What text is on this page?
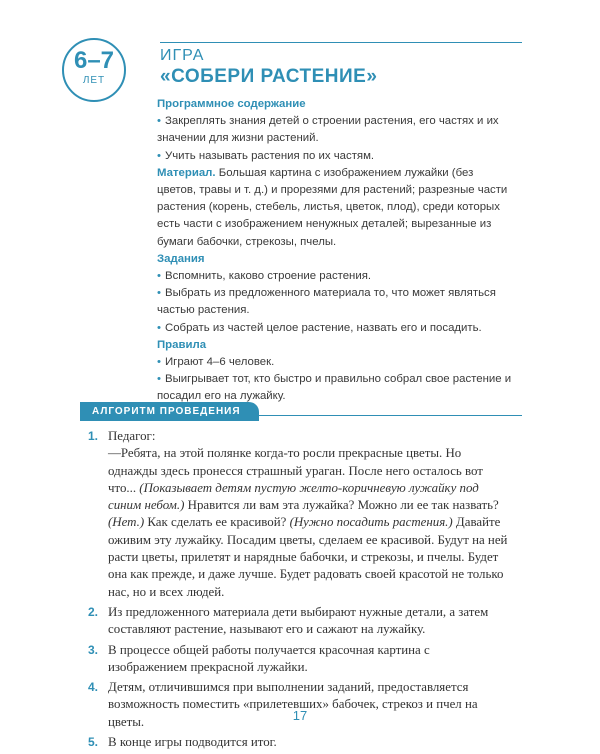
6–7
ЛЕТ
ИГРА
«СОБЕРИ РАСТЕНИЕ»

Программное содержание

• Закреплять знания детей о строении растения, его частях и их значении для жизни растений.

• Учить называть растения по их частям.

Материал. Большая картина с изображением лужайки (без цветов, травы и т. д.) и прорезями для растений; разрезные части растения (корень, стебель, листья, цветок, плод), среди которых есть части с изображением ненужных деталей; вырезанные из бумаги бабочки, стрекозы, пчелы.

Задания

• Вспомнить, каково строение растения.

• Выбрать из предложенного материала то, что может являться частью растения.

• Собрать из частей целое растение, назвать его и посадить.

Правила

• Играют 4–6 человек.

• Выигрывает тот, кто быстро и правильно собрал свое растение и посадил его на лужайку.

АЛГОРИТМ ПРОВЕДЕНИЯ
1. Педагог:

—Ребята, на этой полянке когда-то росли прекрасные цветы. Но однажды здесь пронесся страшный ураган. После него осталось вот что... (Показывает детям пустую желто-коричневую лужайку под синим небом.) Нравится ли вам эта лужайка? Можно ли ее так назвать? (Нет.) Как сделать ее красивой? (Нужно посадить растения.) Давайте оживим эту лужайку. Посадим цветы, сделаем ее красивой. Будут на ней расти цветы, прилетят и нарядные бабочки, и стрекозы, и пчелы. Будет она как прежде, и даже лучше. Будет радовать своей красотой не только нас, но и всех людей.

2. Из предложенного материала дети выбирают нужные детали, а затем составляют растение, называют его и сажают на лужайку.

3. В процессе общей работы получается красочная картина с изображением прекрасной лужайки.

4. Детям, отличившимся при выполнении заданий, предоставляется возможность поместить «прилетевших» бабочек, стрекоз и пчел на цветы.

5. В конце игры подводится итог.

17
